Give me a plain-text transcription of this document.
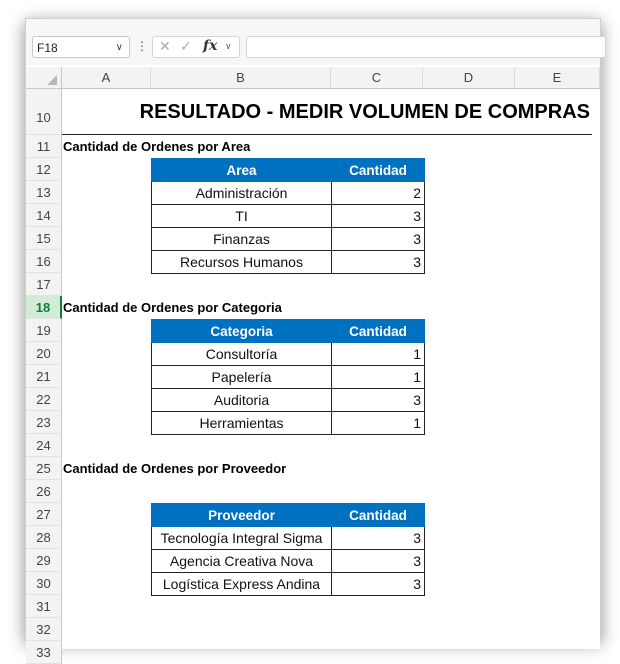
F18	∨ ⋮ ✕ ✓ fx ∨
A	B	C	D	E
10
11
12
13
14
15
16
17
18
19
20
21
22
23
24
25
26
27
28
29
30
31
32
33
RESULTADO - MEDIR VOLUMEN DE COMPRAS
Cantidad de Ordenes por Area
Area	Cantidad
Administración	2
TI	3
Finanzas	3
Recursos Humanos	3
Cantidad de Ordenes por Categoria
Categoria	Cantidad
Consultoría	1
Papelería	1
Auditoria	3
Herramientas	1
Cantidad de Ordenes por Proveedor
Proveedor	Cantidad
Tecnología Integral Sigma	3
Agencia Creativa Nova	3
Logística Express Andina	3
